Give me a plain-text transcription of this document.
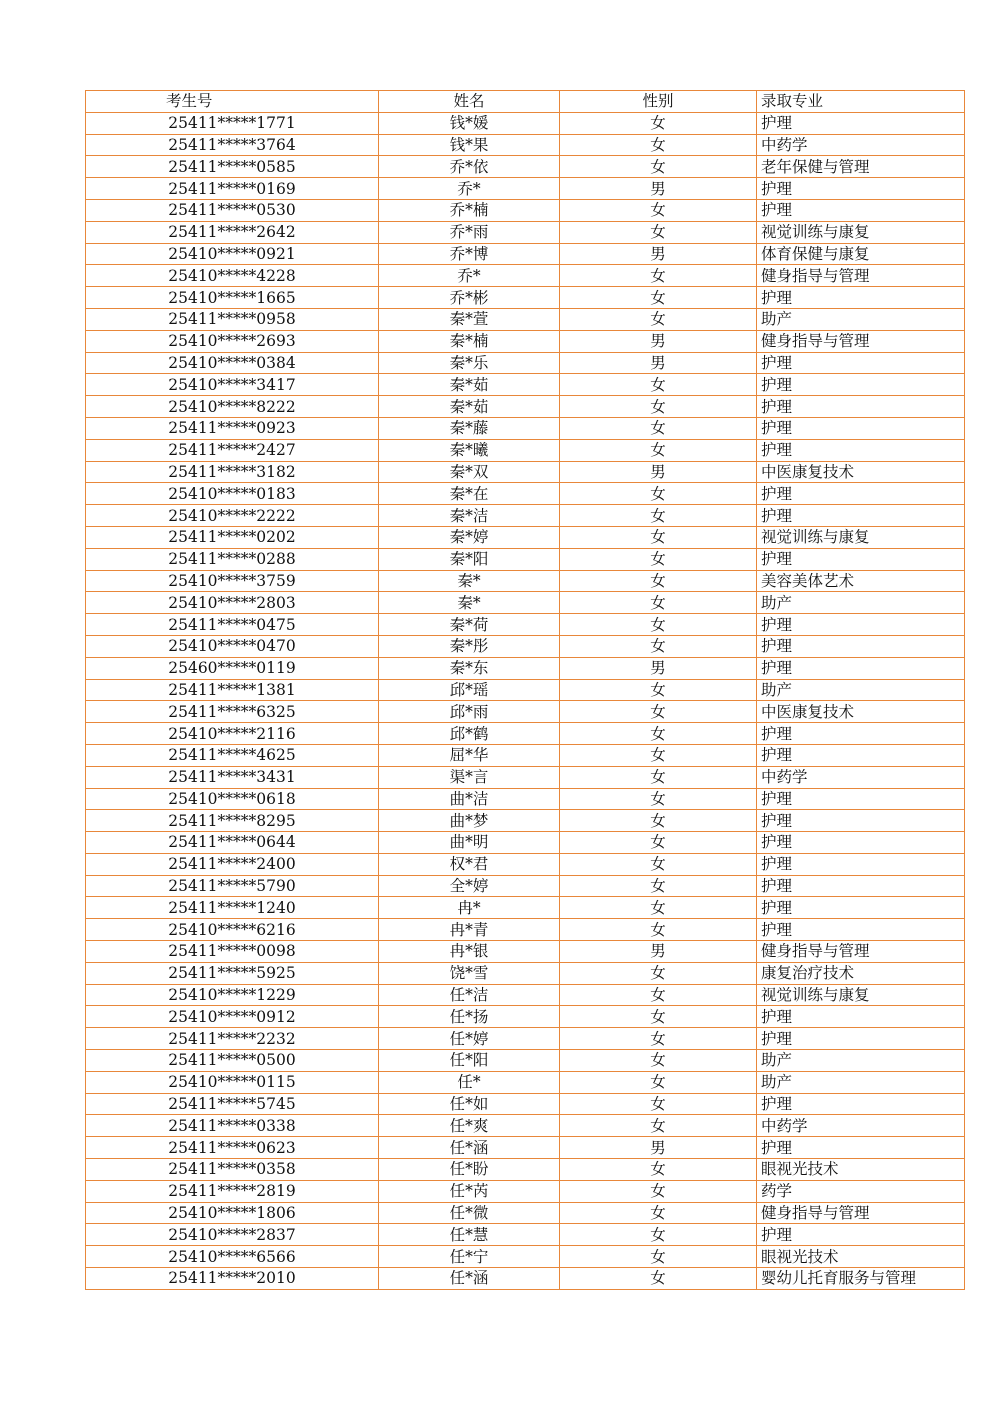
考生号	姓名	性别	录取专业
25411*****1771	钱*媛	女	护理
25411*****3764	钱*果	女	中药学
25411*****0585	乔*依	女	老年保健与管理
25411*****0169	乔*	男	护理
25411*****0530	乔*楠	女	护理
25411*****2642	乔*雨	女	视觉训练与康复
25410*****0921	乔*博	男	体育保健与康复
25410*****4228	乔*	女	健身指导与管理
25410*****1665	乔*彬	女	护理
25411*****0958	秦*萱	女	助产
25410*****2693	秦*楠	男	健身指导与管理
25410*****0384	秦*乐	男	护理
25410*****3417	秦*茹	女	护理
25410*****8222	秦*茹	女	护理
25411*****0923	秦*藤	女	护理
25411*****2427	秦*曦	女	护理
25411*****3182	秦*双	男	中医康复技术
25410*****0183	秦*在	女	护理
25410*****2222	秦*洁	女	护理
25411*****0202	秦*婷	女	视觉训练与康复
25411*****0288	秦*阳	女	护理
25410*****3759	秦*	女	美容美体艺术
25410*****2803	秦*	女	助产
25411*****0475	秦*荷	女	护理
25410*****0470	秦*彤	女	护理
25460*****0119	秦*东	男	护理
25411*****1381	邱*瑶	女	助产
25411*****6325	邱*雨	女	中医康复技术
25410*****2116	邱*鹤	女	护理
25411*****4625	屈*华	女	护理
25411*****3431	渠*言	女	中药学
25410*****0618	曲*洁	女	护理
25411*****8295	曲*梦	女	护理
25411*****0644	曲*明	女	护理
25411*****2400	权*君	女	护理
25411*****5790	全*婷	女	护理
25411*****1240	冉*	女	护理
25410*****6216	冉*青	女	护理
25411*****0098	冉*银	男	健身指导与管理
25411*****5925	饶*雪	女	康复治疗技术
25410*****1229	任*洁	女	视觉训练与康复
25410*****0912	任*扬	女	护理
25411*****2232	任*婷	女	护理
25411*****0500	任*阳	女	助产
25410*****0115	任*	女	助产
25411*****5745	任*如	女	护理
25411*****0338	任*爽	女	中药学
25411*****0623	任*涵	男	护理
25411*****0358	任*盼	女	眼视光技术
25411*****2819	任*芮	女	药学
25410*****1806	任*微	女	健身指导与管理
25410*****2837	任*慧	女	护理
25410*****6566	任*宁	女	眼视光技术
25411*****2010	任*涵	女	婴幼儿托育服务与管理
